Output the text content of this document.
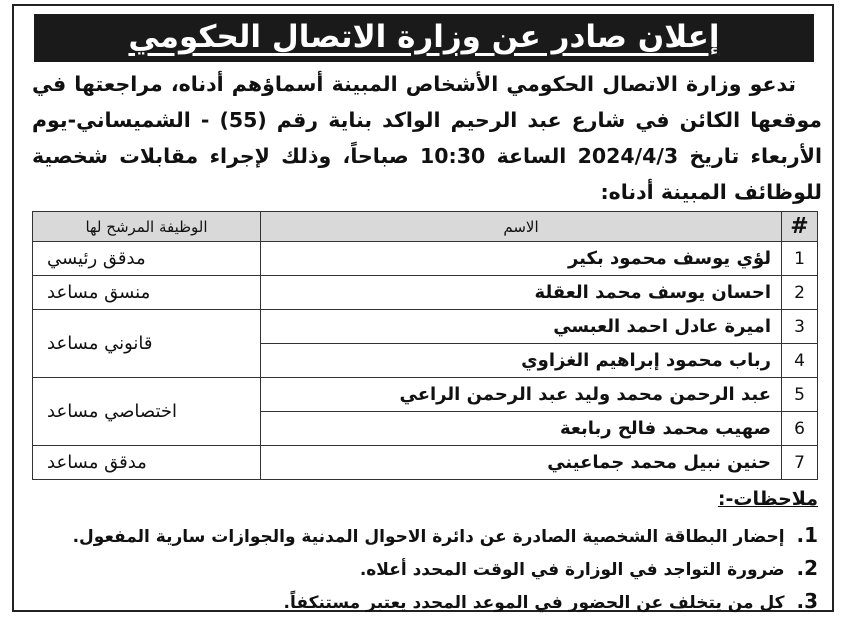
إعلان صادر عن وزارة الاتصال الحكومي

تدعو وزارة الاتصال الحكومي الأشخاص المبينة أسماؤهم أدناه، مراجعتها في موقعها الكائن في شارع عبد الرحيم الواكد بناية رقم (55) - الشميساني-يوم الأربعاء تاريخ 2024/4/3 الساعة 10:30 صباحاً، وذلك لإجراء مقابلات شخصية للوظائف المبينة أدناه:

#	الاسم	الوظيفة المرشح لها
1	لؤي يوسف محمود بكير	مدقق رئيسي
2	احسان يوسف محمد العقلة	منسق مساعد
3	اميرة عادل احمد العبسي	قانوني مساعد
4	رباب محمود إبراهيم الغزاوي	
5	عبد الرحمن محمد وليد عبد الرحمن الراعي	اختصاصي مساعد
6	صهيب محمد فالح ربابعة	
7	حنين نبيل محمد جماعيني	مدقق مساعد
ملاحظات-:
1. إحضار البطاقة الشخصية الصادرة عن دائرة الاحوال المدنية والجوازات سارية المفعول.
2. ضرورة التواجد في الوزارة في الوقت المحدد أعلاه.
3. كل من يتخلف عن الحضور في الموعد المحدد يعتبر مستنكفاً.
